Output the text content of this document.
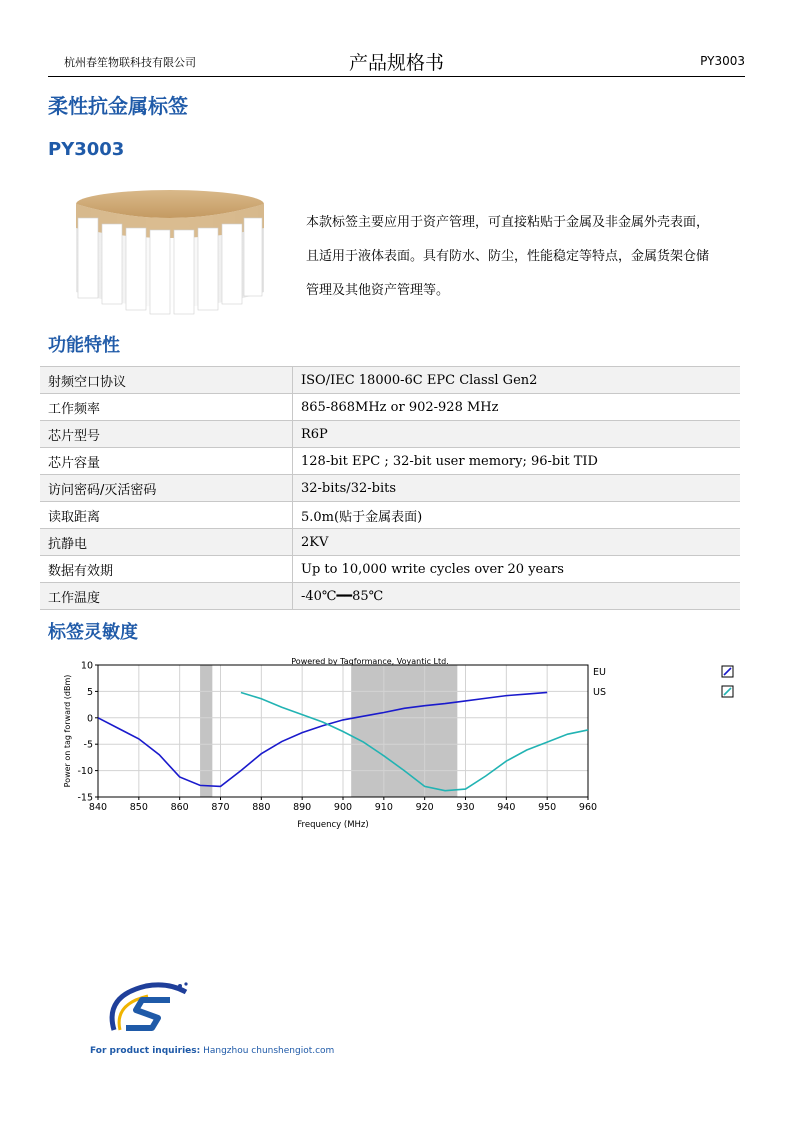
杭州春笙物联科技有限公司	产品规格书	PY3003
柔性抗金属标签
PY3003
本款标签主要应用于资产管理，可直接粘贴于金属及非金属外壳表面，
且适用于液体表面。具有防水、防尘，性能稳定等特点，金属货架仓储
管理及其他资产管理等。
功能特性
射频空口协议	ISO/IEC 18000-6C EPC Classl Gen2
工作频率	865-868MHz or 902-928 MHz
芯片型号	R6P
芯片容量	128-bit EPC ; 32-bit user memory; 96-bit TID
访问密码/灭活密码	32-bits/32-bits
读取距离	5.0m(贴于金属表面)
抗静电	2KV
数据有效期	Up to 10,000 write cycles over 20 years
工作温度	-40℃━━85℃
标签灵敏度
840 850 860 870 880 890 900 910 920 930 940 950 960
10
5
0
-5
-10
-15
Powered by Tagformance, Voyantic Ltd.
Frequency (MHz)
Power on tag forward (dBm)
EU
US
For product inquiries: Hangzhou chunshengiot.com
